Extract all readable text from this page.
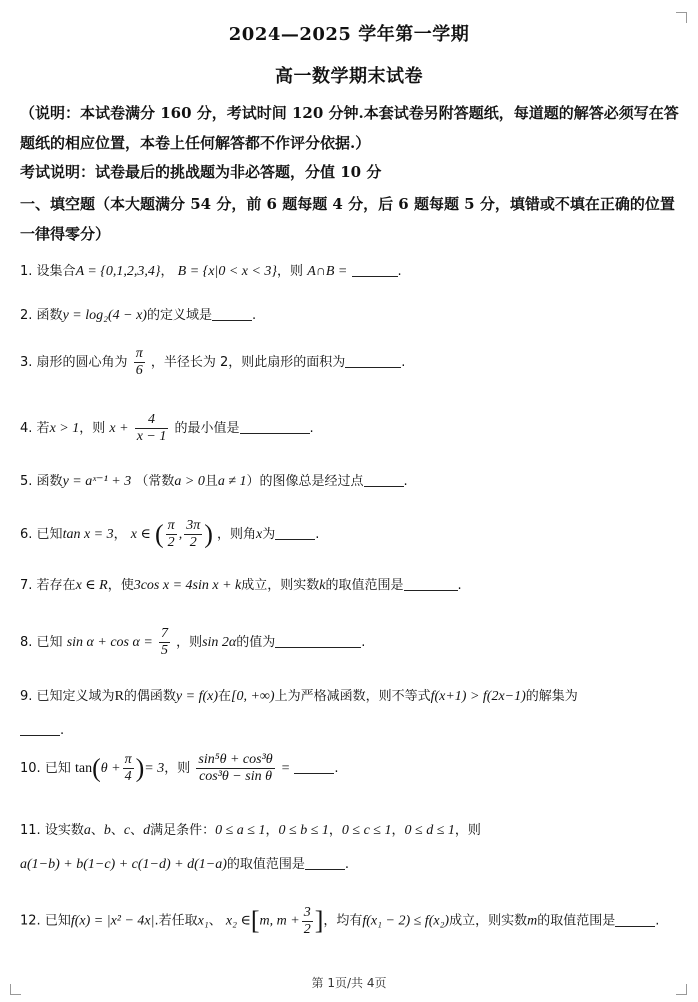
2024—2025 学年第一学期
高一数学期末试卷
（说明：本试卷满分 160 分，考试时间 120 分钟.本套试卷另附答题纸，每道题的解答必须写在答题纸的相应位置，本卷上任何解答都不作评分依据.）
考试说明：试卷最后的挑战题为非必答题，分值 10 分
一、填空题（本大题满分 54 分，前 6 题每题 4 分，后 6 题每题 5 分，填错或不填在正确的位置一律得零分）
1. 设集合A = {0,1,2,3,4}， B = {x|0 < x < 3}，则 A∩B =	.
2. 函数y = log₂(4 − x)的定义域是	.
3. 扇形的圆心角为 $\frac{\pi}{6}$ ，半径长为 2，则此扇形的面积为	.
4. 若x > 1，则 $x + \frac{4}{x - 1}$ 的最小值是	.
5. 函数y = aˣ⁻¹ + 3 （常数a > 0且a ≠ 1）的图像总是经过点	.
6. 已知tan x = 3， x ∈ ( $\frac{\pi}{2}$ , $\frac{3\pi}{2}$ ) ，则角x为	.
7. 若存在x ∈ R，使3cos x = 4sin x + k成立，则实数k的取值范围是	.
8. 已知 $\sin \alpha + \cos \alpha = \frac{7}{5}$ ，则sin 2α的值为	.
9. 已知定义域为R的偶函数y = f(x)在[0, +∞)上为严格减函数，则不等式f(x+1) > f(2x−1)的解集为
.
10. 已知 $\tan(\theta + \frac{\pi}{4}$ )= 3，则 $\frac{\text{sin⁵θ + cos³θ}}{\text{cos³θ − sin θ}}$ =	.
11. 设实数a、b、c、d满足条件：0 ≤ a ≤ 1，0 ≤ b ≤ 1，0 ≤ c ≤ 1，0 ≤ d ≤ 1，则
a(1−b) + b(1−c) + c(1−d) + d(1−a)的取值范围是	.
12. 已知f(x) = |x² − 4x|.若任取x₁、 x₂ ∈[m, $m + \frac{3}{2}$ ]，均有f(x₁ − 2) ≤ f(x₂)成立，则实数m的取值范围是	.
第 1页/共 4页
